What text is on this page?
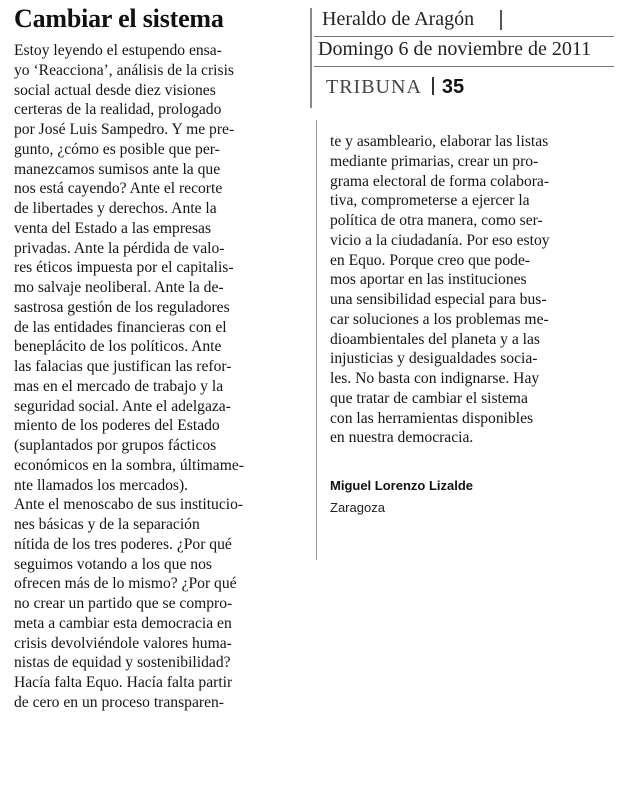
Cambiar el sistema	Heraldo de Aragón
Domingo 6 de noviembre de 2011
TRIBUNA 35
Estoy leyendo el estupendo ensa-
yo ‘Reacciona’, análisis de la crisis
social actual desde diez visiones
certeras de la realidad, prologado
por José Luis Sampedro. Y me pre-
gunto, ¿cómo es posible que per-
manezcamos sumisos ante la que
nos está cayendo? Ante el recorte
de libertades y derechos. Ante la
venta del Estado a las empresas
privadas. Ante la pérdida de valo-
res éticos impuesta por el capitalis-
mo salvaje neoliberal. Ante la de-
sastrosa gestión de los reguladores
de las entidades financieras con el
beneplácito de los políticos. Ante
las falacias que justifican las refor-
mas en el mercado de trabajo y la
seguridad social. Ante el adelgaza-
miento de los poderes del Estado
(suplantados por grupos fácticos
económicos en la sombra, últimame-
nte llamados los mercados).
Ante el menoscabo de sus institucio-
nes básicas y de la separación
nítida de los tres poderes. ¿Por qué
seguimos votando a los que nos
ofrecen más de lo mismo? ¿Por qué
no crear un partido que se compro-
meta a cambiar esta democracia en
crisis devolviéndole valores huma-
nistas de equidad y sostenibilidad?
Hacía falta Equo. Hacía falta partir
de cero en un proceso transparen-
te y asambleario, elaborar las listas
mediante primarias, crear un pro-
grama electoral de forma colabora-
tiva, comprometerse a ejercer la
política de otra manera, como ser-
vicio a la ciudadanía. Por eso estoy
en Equo. Porque creo que pode-
mos aportar en las instituciones
una sensibilidad especial para bus-
car soluciones a los problemas me-
dioambientales del planeta y a las
injusticias y desigualdades socia-
les. No basta con indignarse. Hay
que tratar de cambiar el sistema
con las herramientas disponibles
en nuestra democracia.
Miguel Lorenzo Lizalde
Zaragoza
